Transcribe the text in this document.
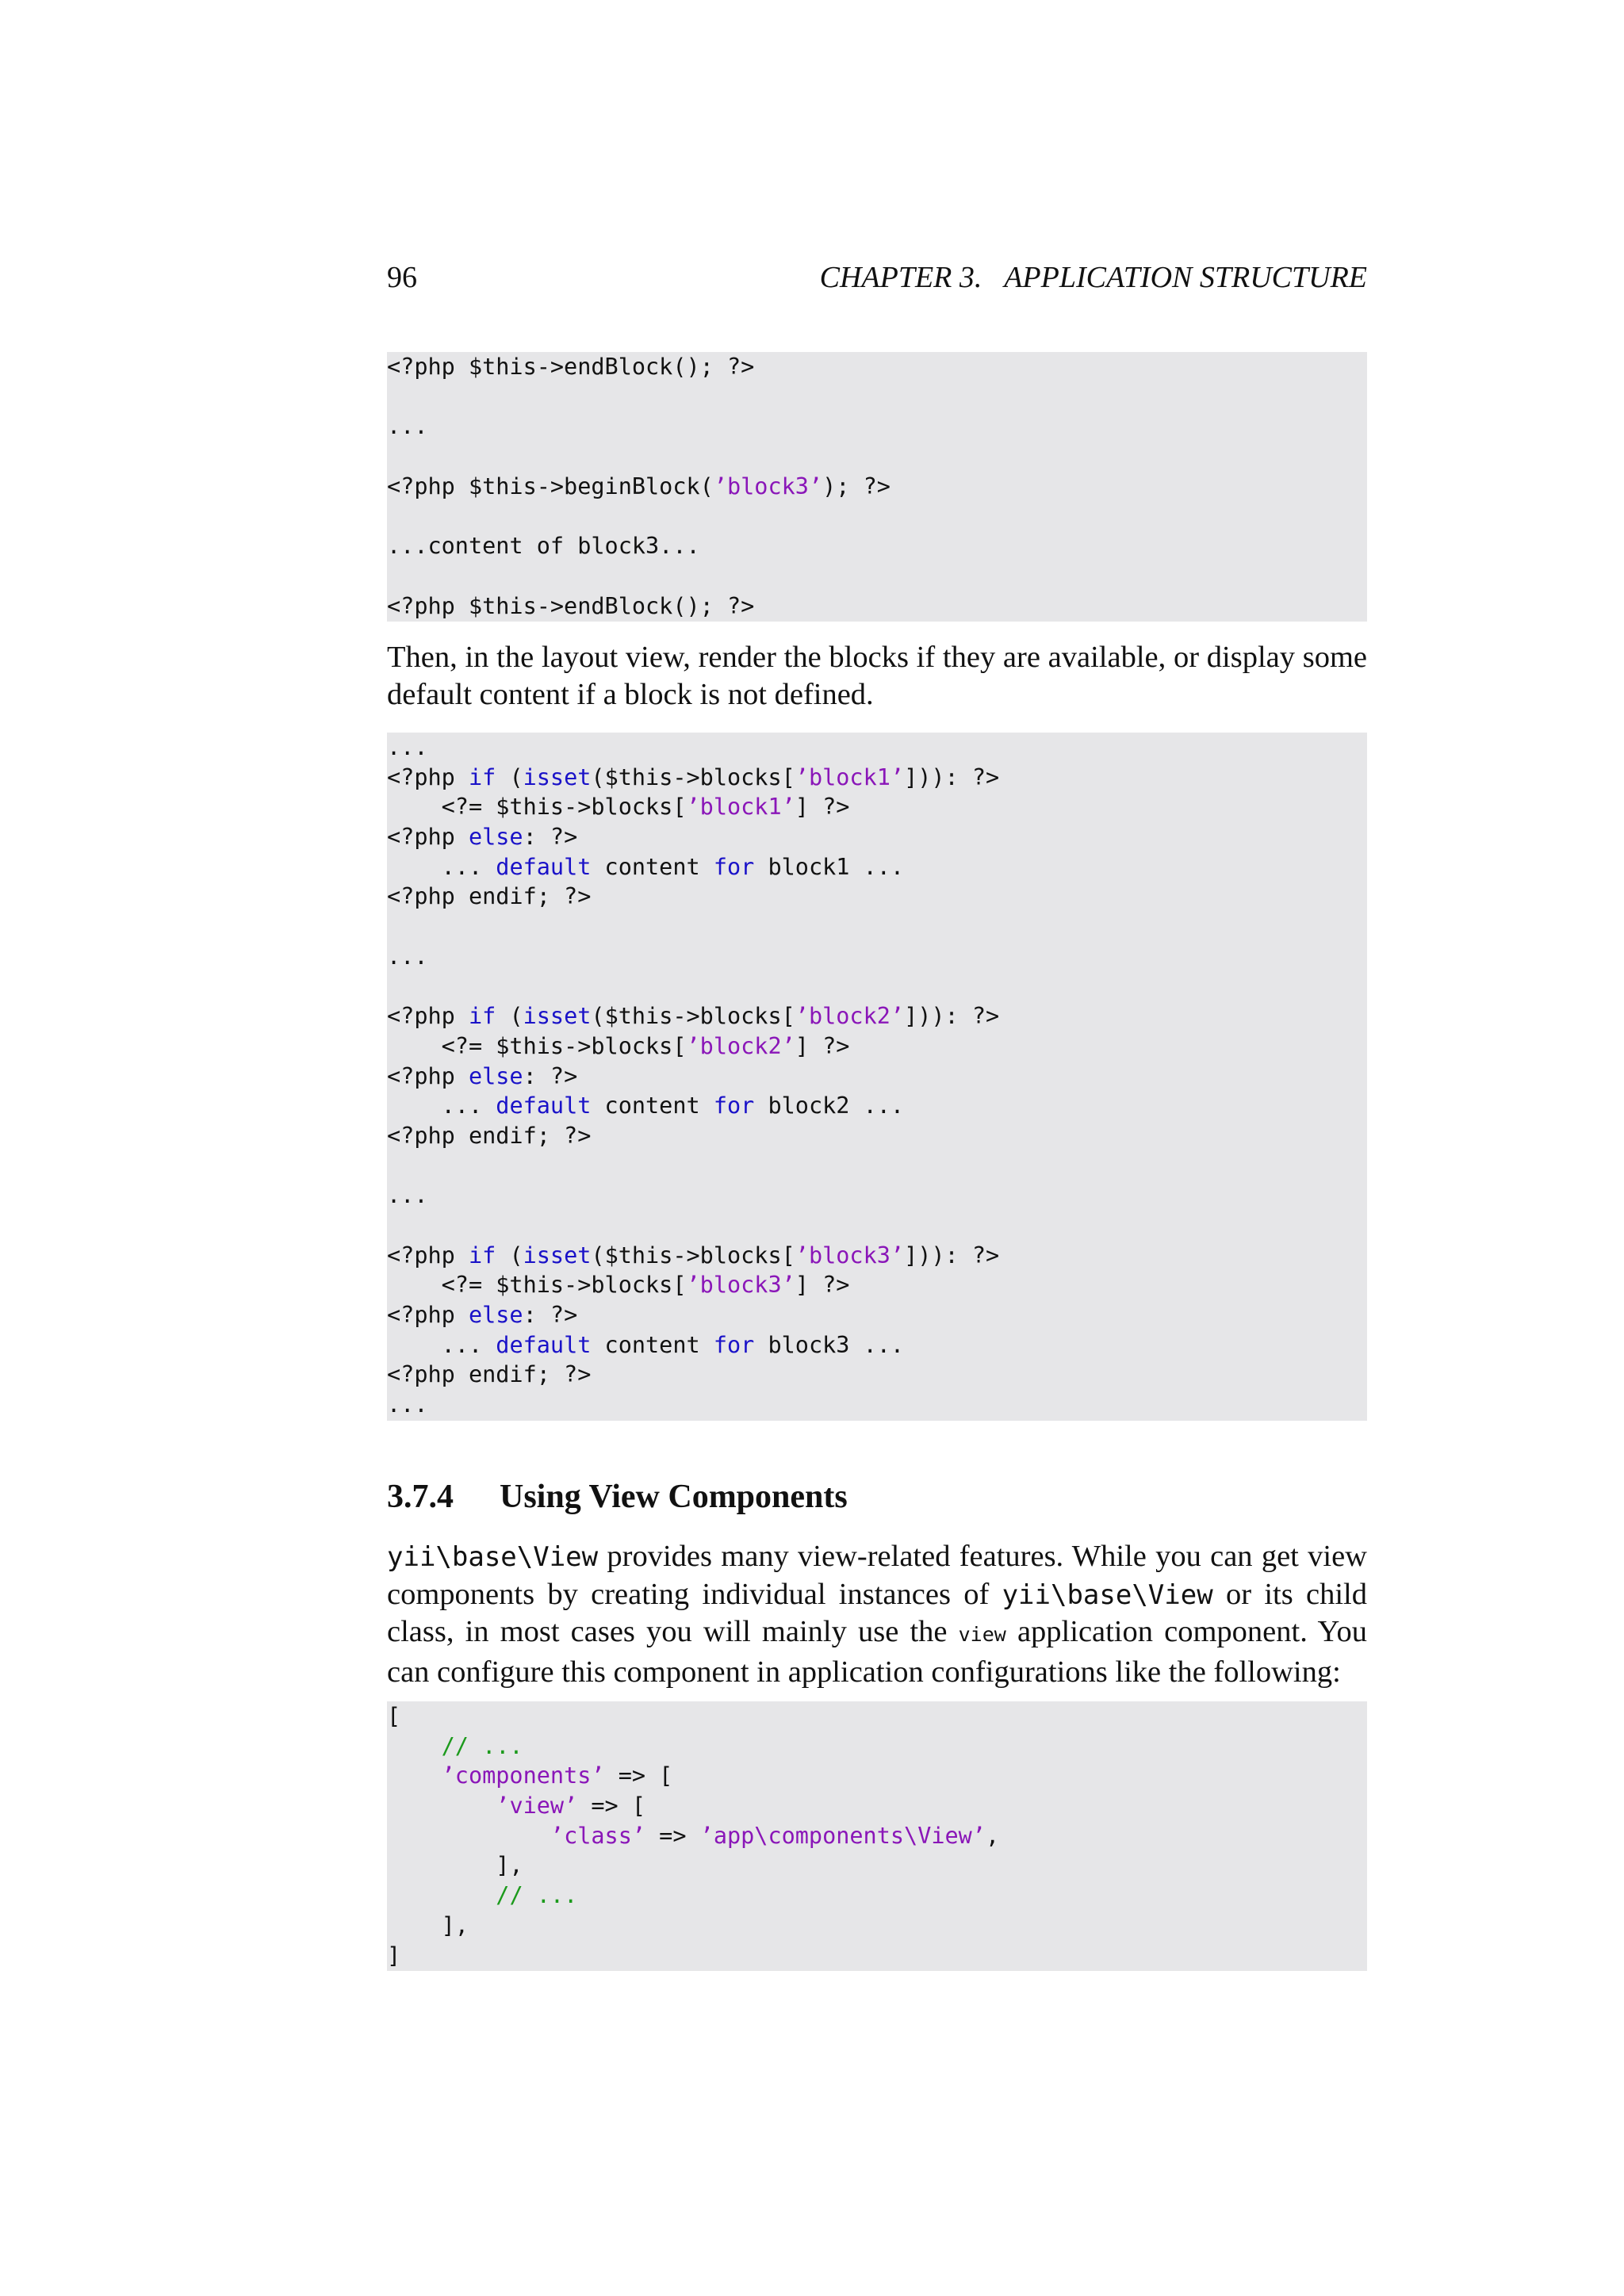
96	CHAPTER 3.   APPLICATION STRUCTURE
<?php $this->endBlock(); ?>

...

<?php $this->beginBlock(’block3’); ?>

...content of block3...

<?php $this->endBlock(); ?>

Then, in the layout view, render the blocks if they are available, or display some default content if a block is not defined.

...
<?php if (isset($this->blocks[’block1’])): ?>
<?= $this->blocks[’block1’] ?>
<?php else: ?>
... default content for block1 ...
<?php endif; ?>

...

<?php if (isset($this->blocks[’block2’])): ?>
<?= $this->blocks[’block2’] ?>
<?php else: ?>
... default content for block2 ...
<?php endif; ?>

...

<?php if (isset($this->blocks[’block3’])): ?>
<?= $this->blocks[’block3’] ?>
<?php else: ?>
... default content for block3 ...
<?php endif; ?>
...
3.7.4 Using View Components

yii\base\View provides many view-related features. While you can get view components by creating individual instances of yii\base\View or its child class, in most cases you will mainly use the view application component. You can configure this component in application configurations like the following:

[
// ...
’components’ => [
’view’ => [
’class’ => ’app\components\View’,
],
// ...
],
]
